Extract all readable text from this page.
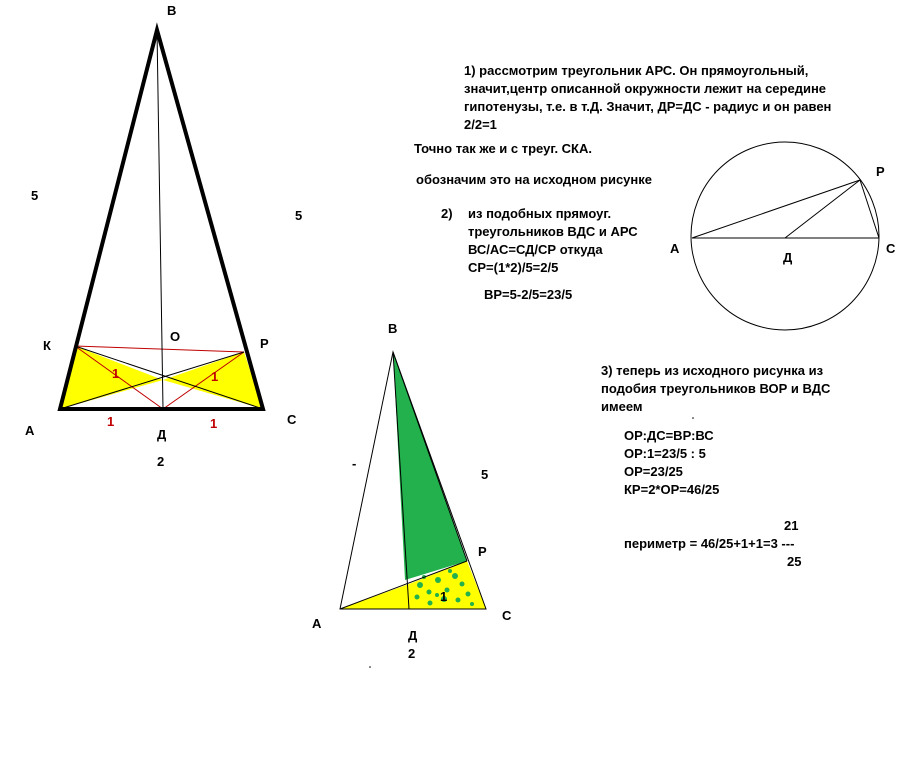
B
К
О	Р
А
С
Д
5
5
1	1
1	1
2
B
Р
А
С
Д
5
1
2
-
Р
А
Д
С
1) рассмотрим треугольник АРС. Он прямоугольный,
значит,центр описанной окружности лежит на середине
гипотенузы, т.е. в т.Д. Значит, ДР=ДС - радиус и он равен
2/2=1
Точно так же и с треуг. СКА.
обозначим это на исходном рисунке
2) из подобных прямоуг.
треугольников ВДС и АРС
ВС/АС=СД/СР откуда
СР=(1*2)/5=2/5
ВР=5-2/5=23/5
3) теперь из исходного рисунка из
подобия треугольников ВОР и ВДС
имеем
ОР:ДС=ВР:ВС
ОР:1=23/5 : 5
ОР=23/25
КР=2*ОР=46/25
21
периметр = 46/25+1+1=3 ---
25
